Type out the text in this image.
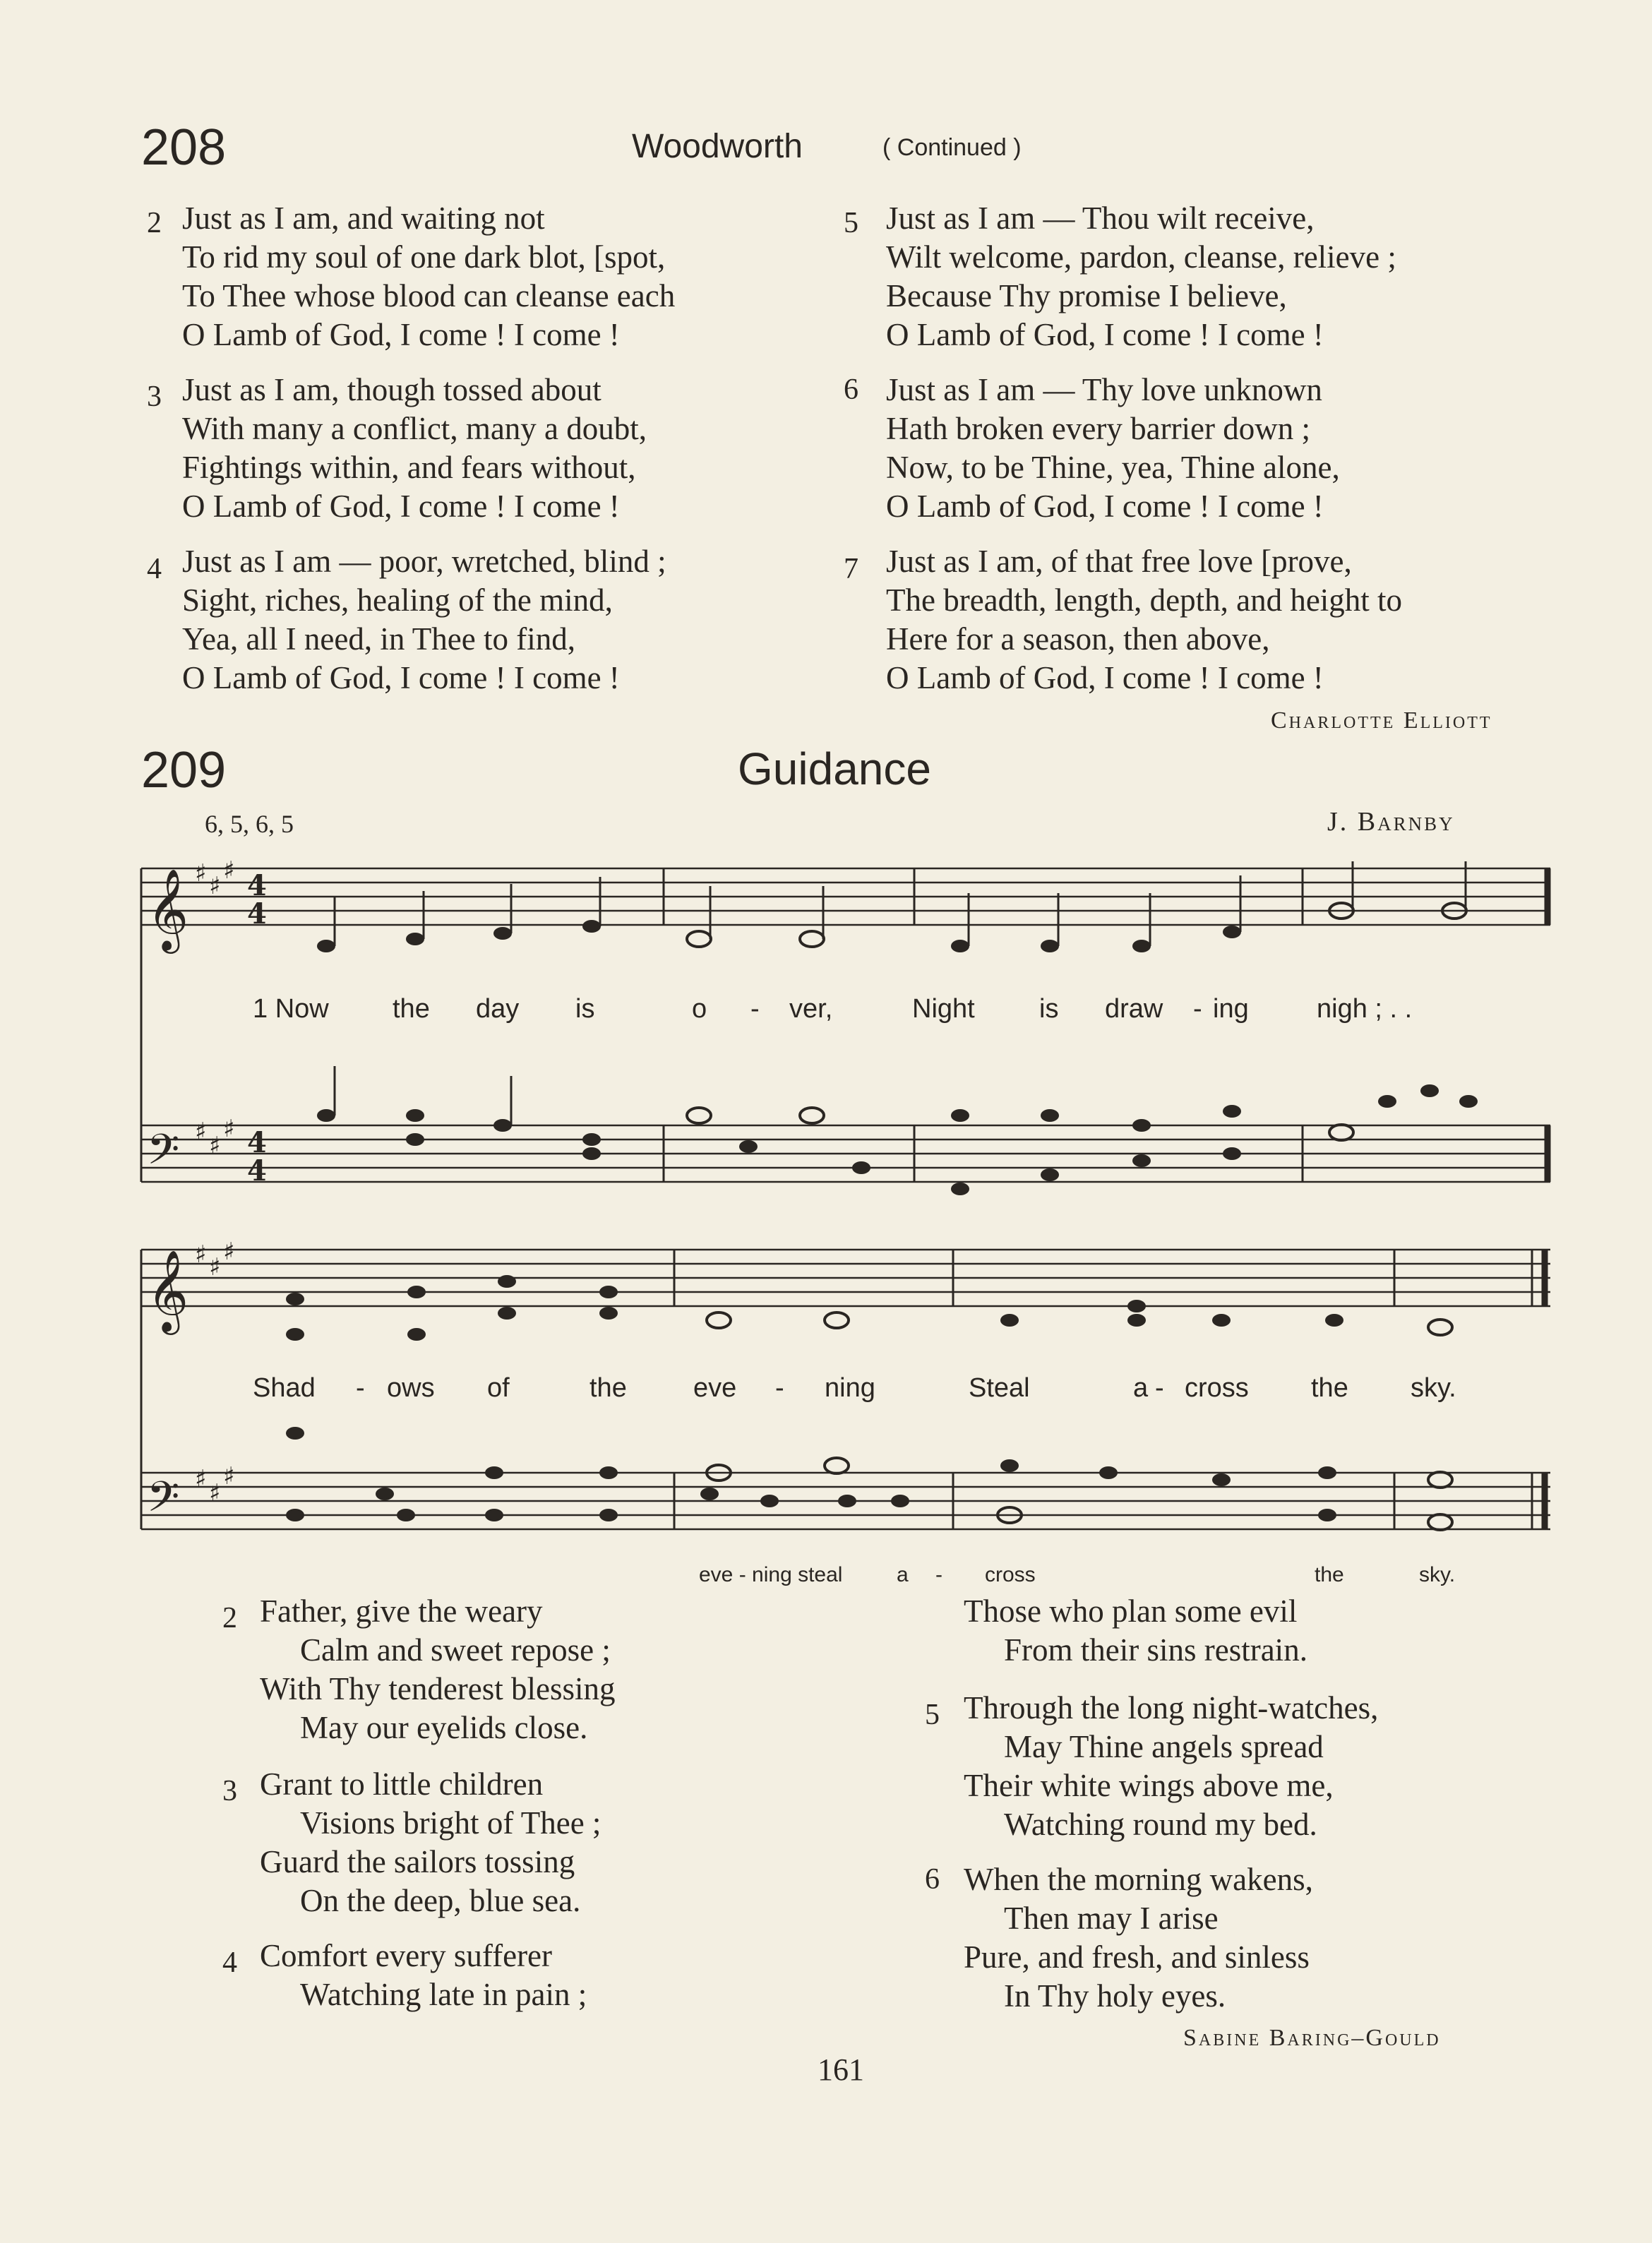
208	Woodworth	( Continued )
2 Just as I am, and waiting not
To rid my soul of one dark blot, [spot,
To Thee whose blood can cleanse each
O Lamb of God, I come ! I come !
3 Just as I am, though tossed about
With many a conflict, many a doubt,
Fightings within, and fears without,
O Lamb of God, I come ! I come !
4 Just as I am — poor, wretched, blind ;
Sight, riches, healing of the mind,
Yea, all I need, in Thee to find,
O Lamb of God, I come ! I come !
5 Just as I am — Thou wilt receive,
Wilt welcome, pardon, cleanse, relieve ;
Because Thy promise I believe,
O Lamb of God, I come ! I come !
6 Just as I am — Thy love unknown
Hath broken every barrier down ;
Now, to be Thine, yea, Thine alone,
O Lamb of God, I come ! I come !
7 Just as I am, of that free love [prove,
The breadth, length, depth, and height to
Here for a season, then above,
O Lamb of God, I come ! I come !
Charlotte Elliott
209	Guidance
6, 5, 6, 5	J. Barnby
𝄞
𝄢
♯ ♯
♯
♯ ♯
♯
4
4
4
4
𝄞
𝄢
♯ ♯
♯
♯ ♯
♯
1 Now the day is	o - ver,	Night is draw - ing	nigh ; . .
Shad - ows of	the eve - ning	Steal	a - cross the sky.
eve - ning steal	a - cross	the	sky.
2 Father, give the weary
Calm and sweet repose ;
With Thy tenderest blessing
May our eyelids close.
3 Grant to little children
Visions bright of Thee ;
Guard the sailors tossing
On the deep, blue sea.
4 Comfort every sufferer
Watching late in pain ;
Those who plan some evil
From their sins restrain.
5 Through the long night-watches,
May Thine angels spread
Their white wings above me,
Watching round my bed.
6 When the morning wakens,
Then may I arise
Pure, and fresh, and sinless
In Thy holy eyes.
Sabine Baring–Gould
161
